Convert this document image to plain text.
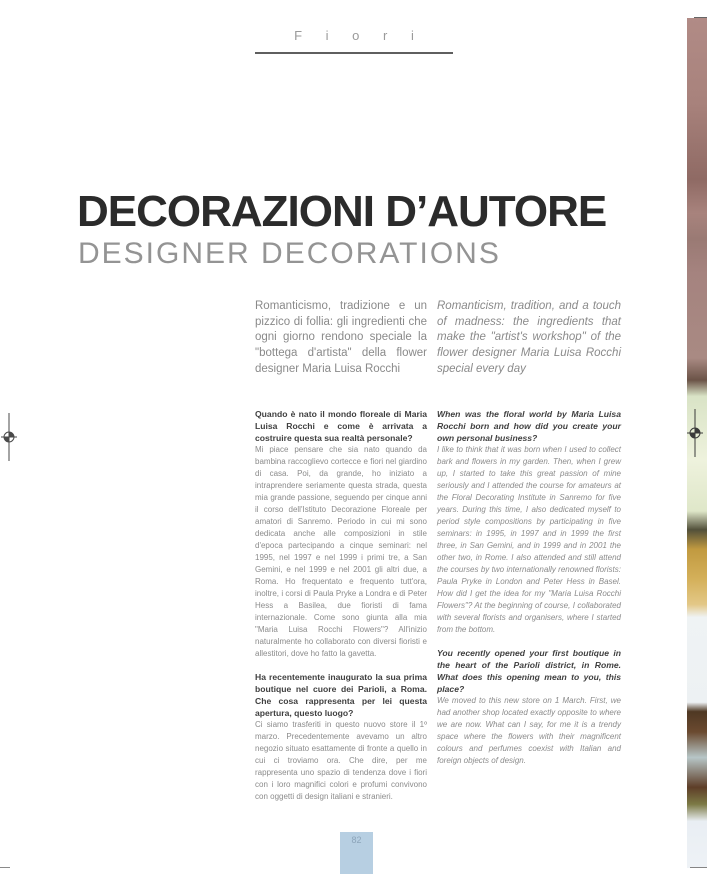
F i o r i
DECORAZIONI D’AUTORE
DESIGNER DECORATIONS

Romanticismo, tradizione e un pizzico di follia: gli ingredienti che ogni giorno rendono speciale la "bottega d'artista" della flower designer Maria Luisa Rocchi

Quando è nato il mondo floreale di Maria Luisa Rocchi e come è arrivata a costruire questa sua realtà personale?

Mi piace pensare che sia nato quando da bambina raccoglievo cortecce e fiori nel giardino di casa. Poi, da grande, ho iniziato a intraprendere seriamente questa strada, questa mia grande passione, seguendo per cinque anni il corso dell'Istituto Decorazione Floreale per amatori di Sanremo. Periodo in cui mi sono dedicata anche alle composizioni in stile d'epoca partecipando a cinque seminari: nel 1995, nel 1997 e nel 1999 i primi tre, a San Gemini, e nel 1999 e nel 2001 gli altri due, a Roma. Ho frequentato e frequento tutt'ora, inoltre, i corsi di Paula Pryke a Londra e di Peter Hess a Basilea, due fioristi di fama internazionale. Come sono giunta alla mia "Maria Luisa Rocchi Flowers"? All'inizio naturalmente ho collaborato con diversi fioristi e allestitori, dove ho fatto la gavetta.

Ha recentemente inaugurato la sua prima boutique nel cuore dei Parioli, a Roma. Che cosa rappresenta per lei questa apertura, questo luogo?

Ci siamo trasferiti in questo nuovo store il 1º marzo. Precedentemente avevamo un altro negozio situato esattamente di fronte a quello in cui ci troviamo ora. Che dire, per me rappresenta uno spazio di tendenza dove i fiori con i loro magnifici colori e profumi convivono con oggetti di design italiani e stranieri.

Romanticism, tradition, and a touch of madness: the ingredients that make the "artist's workshop" of the flower designer Maria Luisa Rocchi special every day

When was the floral world by Maria Luisa Rocchi born and how did you create your own personal business?

I like to think that it was born when I used to collect bark and flowers in my garden. Then, when I grew up, I started to take this great passion of mine seriously and I attended the course for amateurs at the Floral Decorating Institute in Sanremo for five years. During this time, I also dedicated myself to period style compositions by participating in five seminars: in 1995, in 1997 and in 1999 the first three, in San Gemini, and in 1999 and in 2001 the other two, in Rome. I also attended and still attend the courses by two internationally renowned florists: Paula Pryke in London and Peter Hess in Basel. How did I get the idea for my "Maria Luisa Rocchi Flowers"? At the beginning of course, I collaborated with several florists and organisers, where I started from the bottom.

You recently opened your first boutique in the heart of the Parioli district, in Rome. What does this opening mean to you, this place?

We moved to this new store on 1 March. First, we had another shop located exactly opposite to where we are now. What can I say, for me it is a trendy space where the flowers with their magnificent colours and perfumes coexist with Italian and foreign objects of design.

82
